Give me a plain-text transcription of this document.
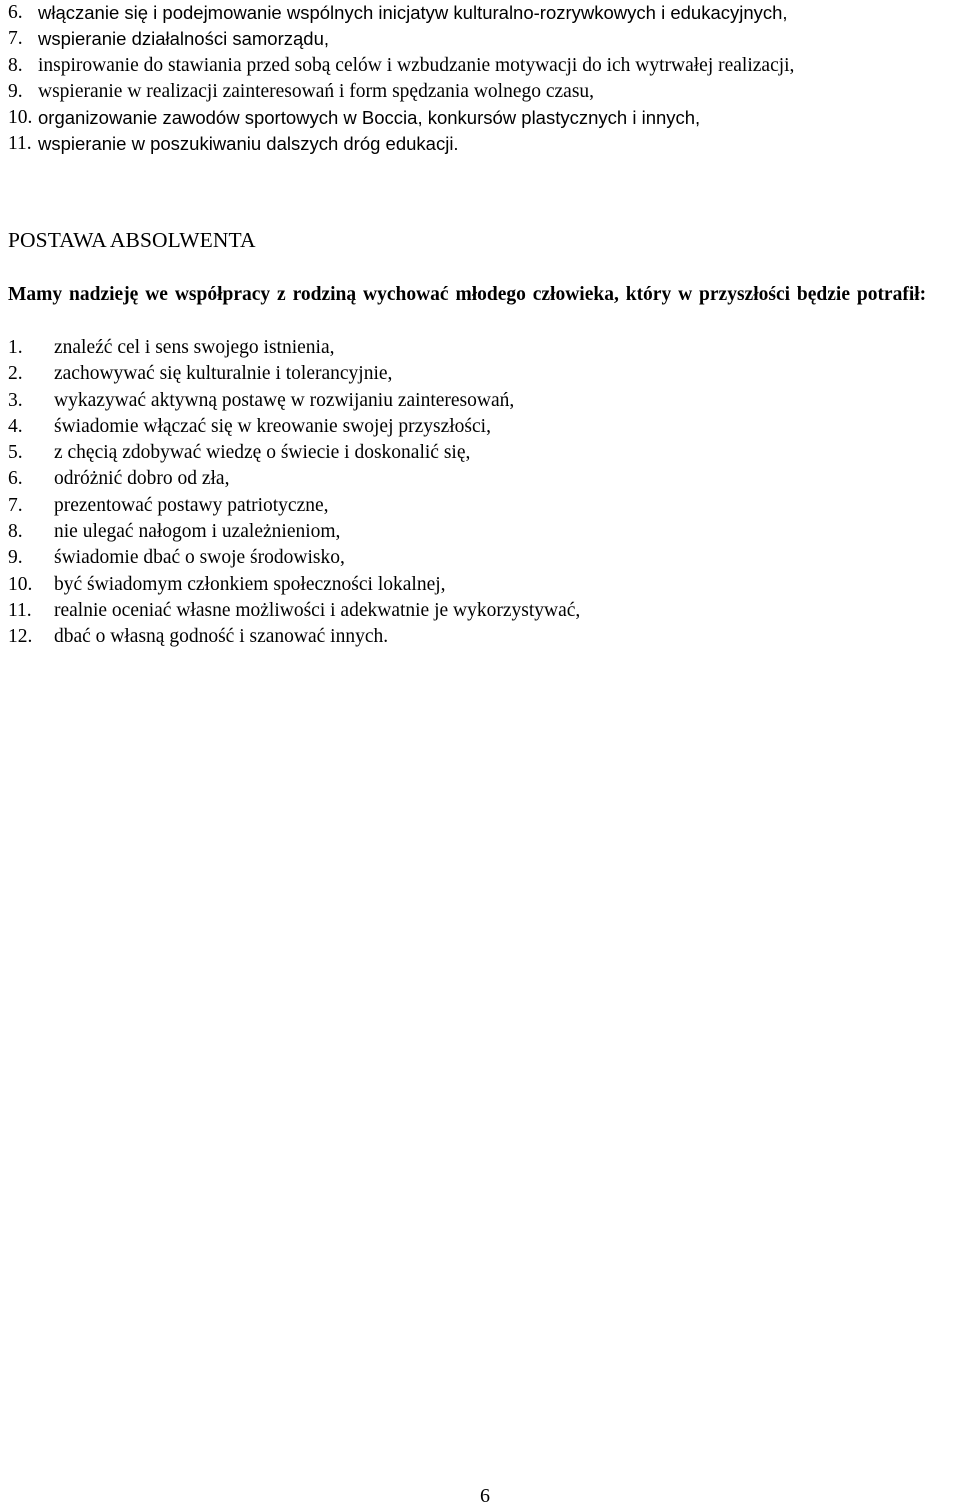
6. włączanie się i podejmowanie wspólnych inicjatyw kulturalno-rozrywkowych i edukacyjnych,
7. wspieranie działalności samorządu,
8. inspirowanie do stawiania przed sobą celów i wzbudzanie motywacji do ich wytrwałej realizacji,
9. wspieranie w realizacji zainteresowań i form spędzania wolnego czasu,
10. organizowanie zawodów sportowych w Boccia, konkursów plastycznych i innych,
11. wspieranie w poszukiwaniu dalszych dróg edukacji.
POSTAWA ABSOLWENTA
Mamy nadzieję we współpracy z rodziną wychować młodego człowieka, który w przyszłości będzie potrafił:
1. znaleźć cel i sens swojego istnienia,
2. zachowywać się kulturalnie i tolerancyjnie,
3. wykazywać aktywną postawę w rozwijaniu zainteresowań,
4. świadomie włączać się w kreowanie swojej przyszłości,
5. z chęcią zdobywać wiedzę o świecie i doskonalić się,
6. odróżnić dobro od zła,
7. prezentować postawy patriotyczne,
8. nie ulegać nałogom i uzależnieniom,
9. świadomie dbać o swoje środowisko,
10. być świadomym członkiem społeczności lokalnej,
11. realnie oceniać własne możliwości i adekwatnie je wykorzystywać,
12. dbać o własną godność i szanować innych.
6
